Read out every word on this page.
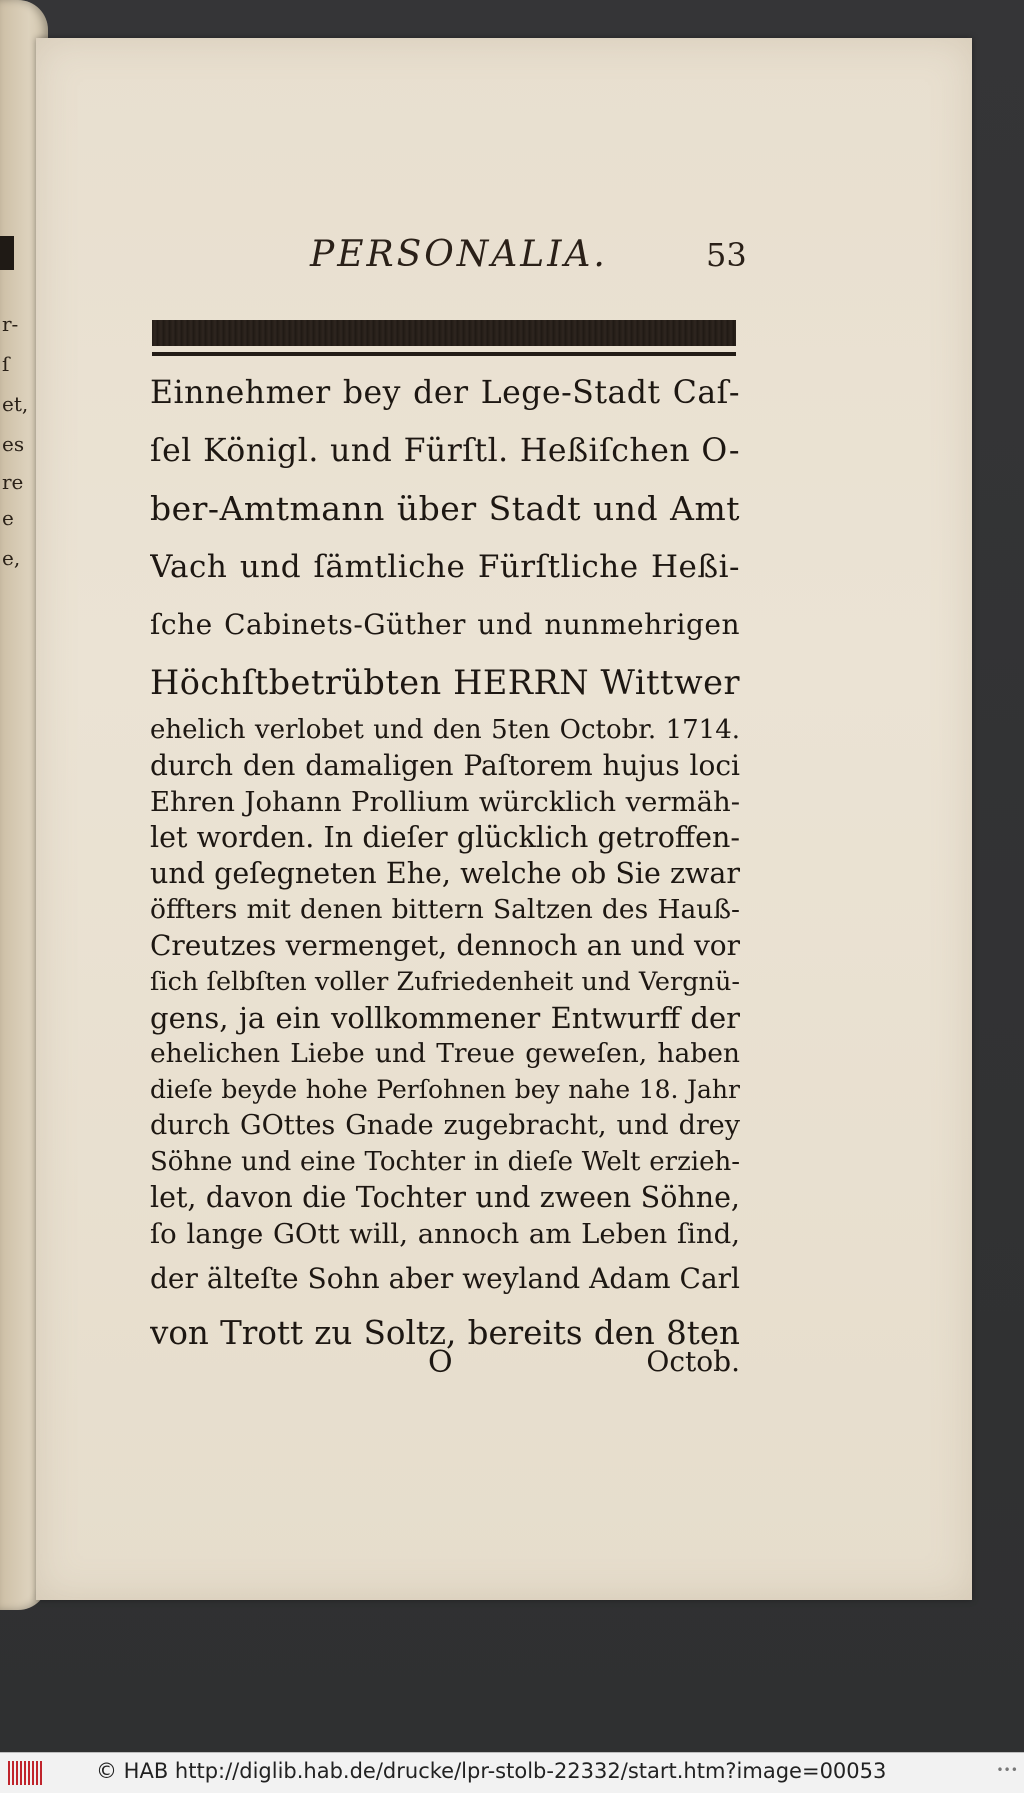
r-
ſ
et,
es
re
e
e,
PERSONALIA.	53
Einnehmer bey der Lege-Stadt Caſ-
ſel Königl. und Fürſtl. Heßiſchen O-
ber-Amtmann über Stadt und Amt
Vach und ſämtliche Fürſtliche Heßi-
ſche Cabinets-Güther und nunmehrigen
Höchſtbetrübten HERRN Wittwer
ehelich verlobet und den 5ten Octobr. 1714.
durch den damaligen Paſtorem hujus loci
Ehren Johann Prollium würcklich vermäh-
let worden. In dieſer glücklich getroffen-
und geſegneten Ehe, welche ob Sie zwar
öffters mit denen bittern Saltzen des Hauß-
Creutzes vermenget, dennoch an und vor
ſich ſelbſten voller Zufriedenheit und Vergnü-
gens, ja ein vollkommener Entwurff der
ehelichen Liebe und Treue geweſen, haben
dieſe beyde hohe Perſohnen bey nahe 18. Jahr
durch GOttes Gnade zugebracht, und drey
Söhne und eine Tochter in dieſe Welt erzieh-
let, davon die Tochter und zween Söhne,
ſo lange GOtt will, annoch am Leben ſind,
der älteſte Sohn aber weyland Adam Carl
von Trott zu Soltz, bereits den 8ten
O	Octob.
© HAB http://diglib.hab.de/drucke/lpr-stolb-22332/start.htm?image=00053	•••
